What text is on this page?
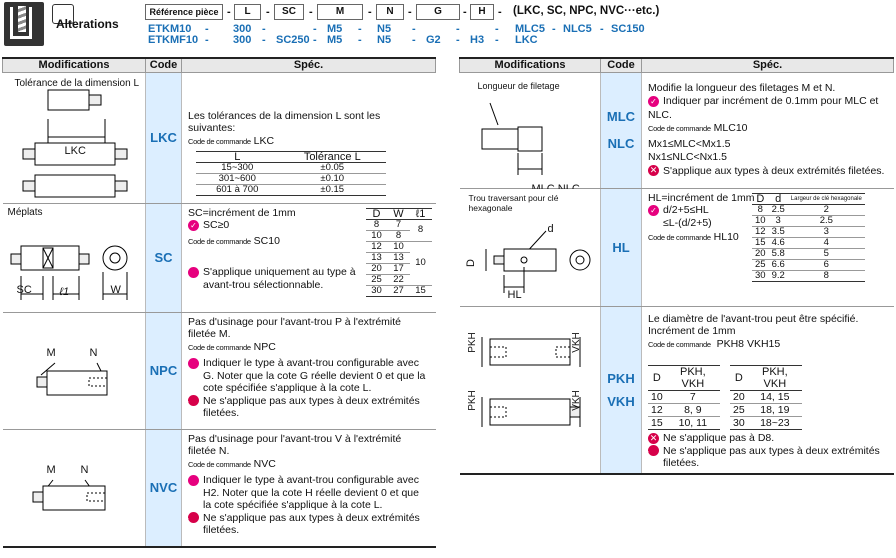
Alterations
Référence pièce -	L	-	SC	-	M	-	N	-	G	-	H	- (LKC, SC, NPC, NVC···etc.)
ETKM10 - 300 -	- M5 - N5 -	-	- MLC5 - NLC5 - SC150
ETKMF10 - 300 - SC250 - M5 - N5 - G2 - H3 - LKC
Modifications	Code	Spéc.

Tolérance de la dimension L
LKC
	LKC	
Les tolérances de la dimension L sont les suivantes:
Code de commande LKC
L	Tolérance L
15~300	±0.05
301~600	±0.10
601 à 700	±0.15

Méplats
SC	ℓ1	W
	SC	
SC=incrément de 1mm
✓ SC≥0
Code de commande SC10
✓ S'applique uniquement au type à avant-trou sélectionnable.
D	W	ℓ1
8	7	8
10	8
12	10	10
13	13
20	17
25	22
30	27	15

M	N
	NPC	
Pas d'usinage pour l'avant-trou P à l'extrémité filetée M.
Code de commande NPC
✓ Indiquer le type à avant-trou configurable avec G. Noter que la cote G réelle devient 0 et que la cote spécifiée s'applique à la cote L.
✕ Ne s'applique pas aux types à deux extrémités filetées.

M N
	NVC	
Pas d'usinage pour l'avant-trou V à l'extrémité filetée N.
Code de commande NVC
✓ Indiquer le type à avant-trou configurable avec H2. Noter que la cote H réelle devient 0 et que la cote spécifiée s'applique à la cote L.
✕ Ne s'applique pas aux types à deux extrémités filetées.
Modifications	Code	Spéc.

Longueur de filetage

MLC
NLC

Modifie la longueur des filetages M et N.
✓ Indiquer par incrément de 0.1mm pour MLC et NLC.
Code de commande MLC10
Mx1≤MLC<Mx1.5
Nx1≤NLC<Nx1.5
✕ S'applique aux types à deux extrémités filetées.

Trou traversant pour clé hexagonale
d
D
HL
	HL	
HL=incrément de 1mm
✓ d/2+5≤HL
≤L-(d/2+5)
Code de commande HL10
D	d	Largeur de clé hexagonale
8	2.5	2
10	3	2.5
12	3.5	3
15	4.6	4
20	5.8	5
25	6.6	6
30	9.2	8

PKH	VKH
PKH	VKH

PKH
VKH

Le diamètre de l'avant-trou peut être spécifié.
Incrément de 1mm
Code de commande PKH8 VKH15
D	PKH, VKH
10	7
12	8, 9
15	10, 11
D	PKH, VKH
20	14, 15
25	18, 19
30	18~23
✕ Ne s'applique pas à D8.
✕ Ne s'applique pas aux types à deux extrémités filetées.
